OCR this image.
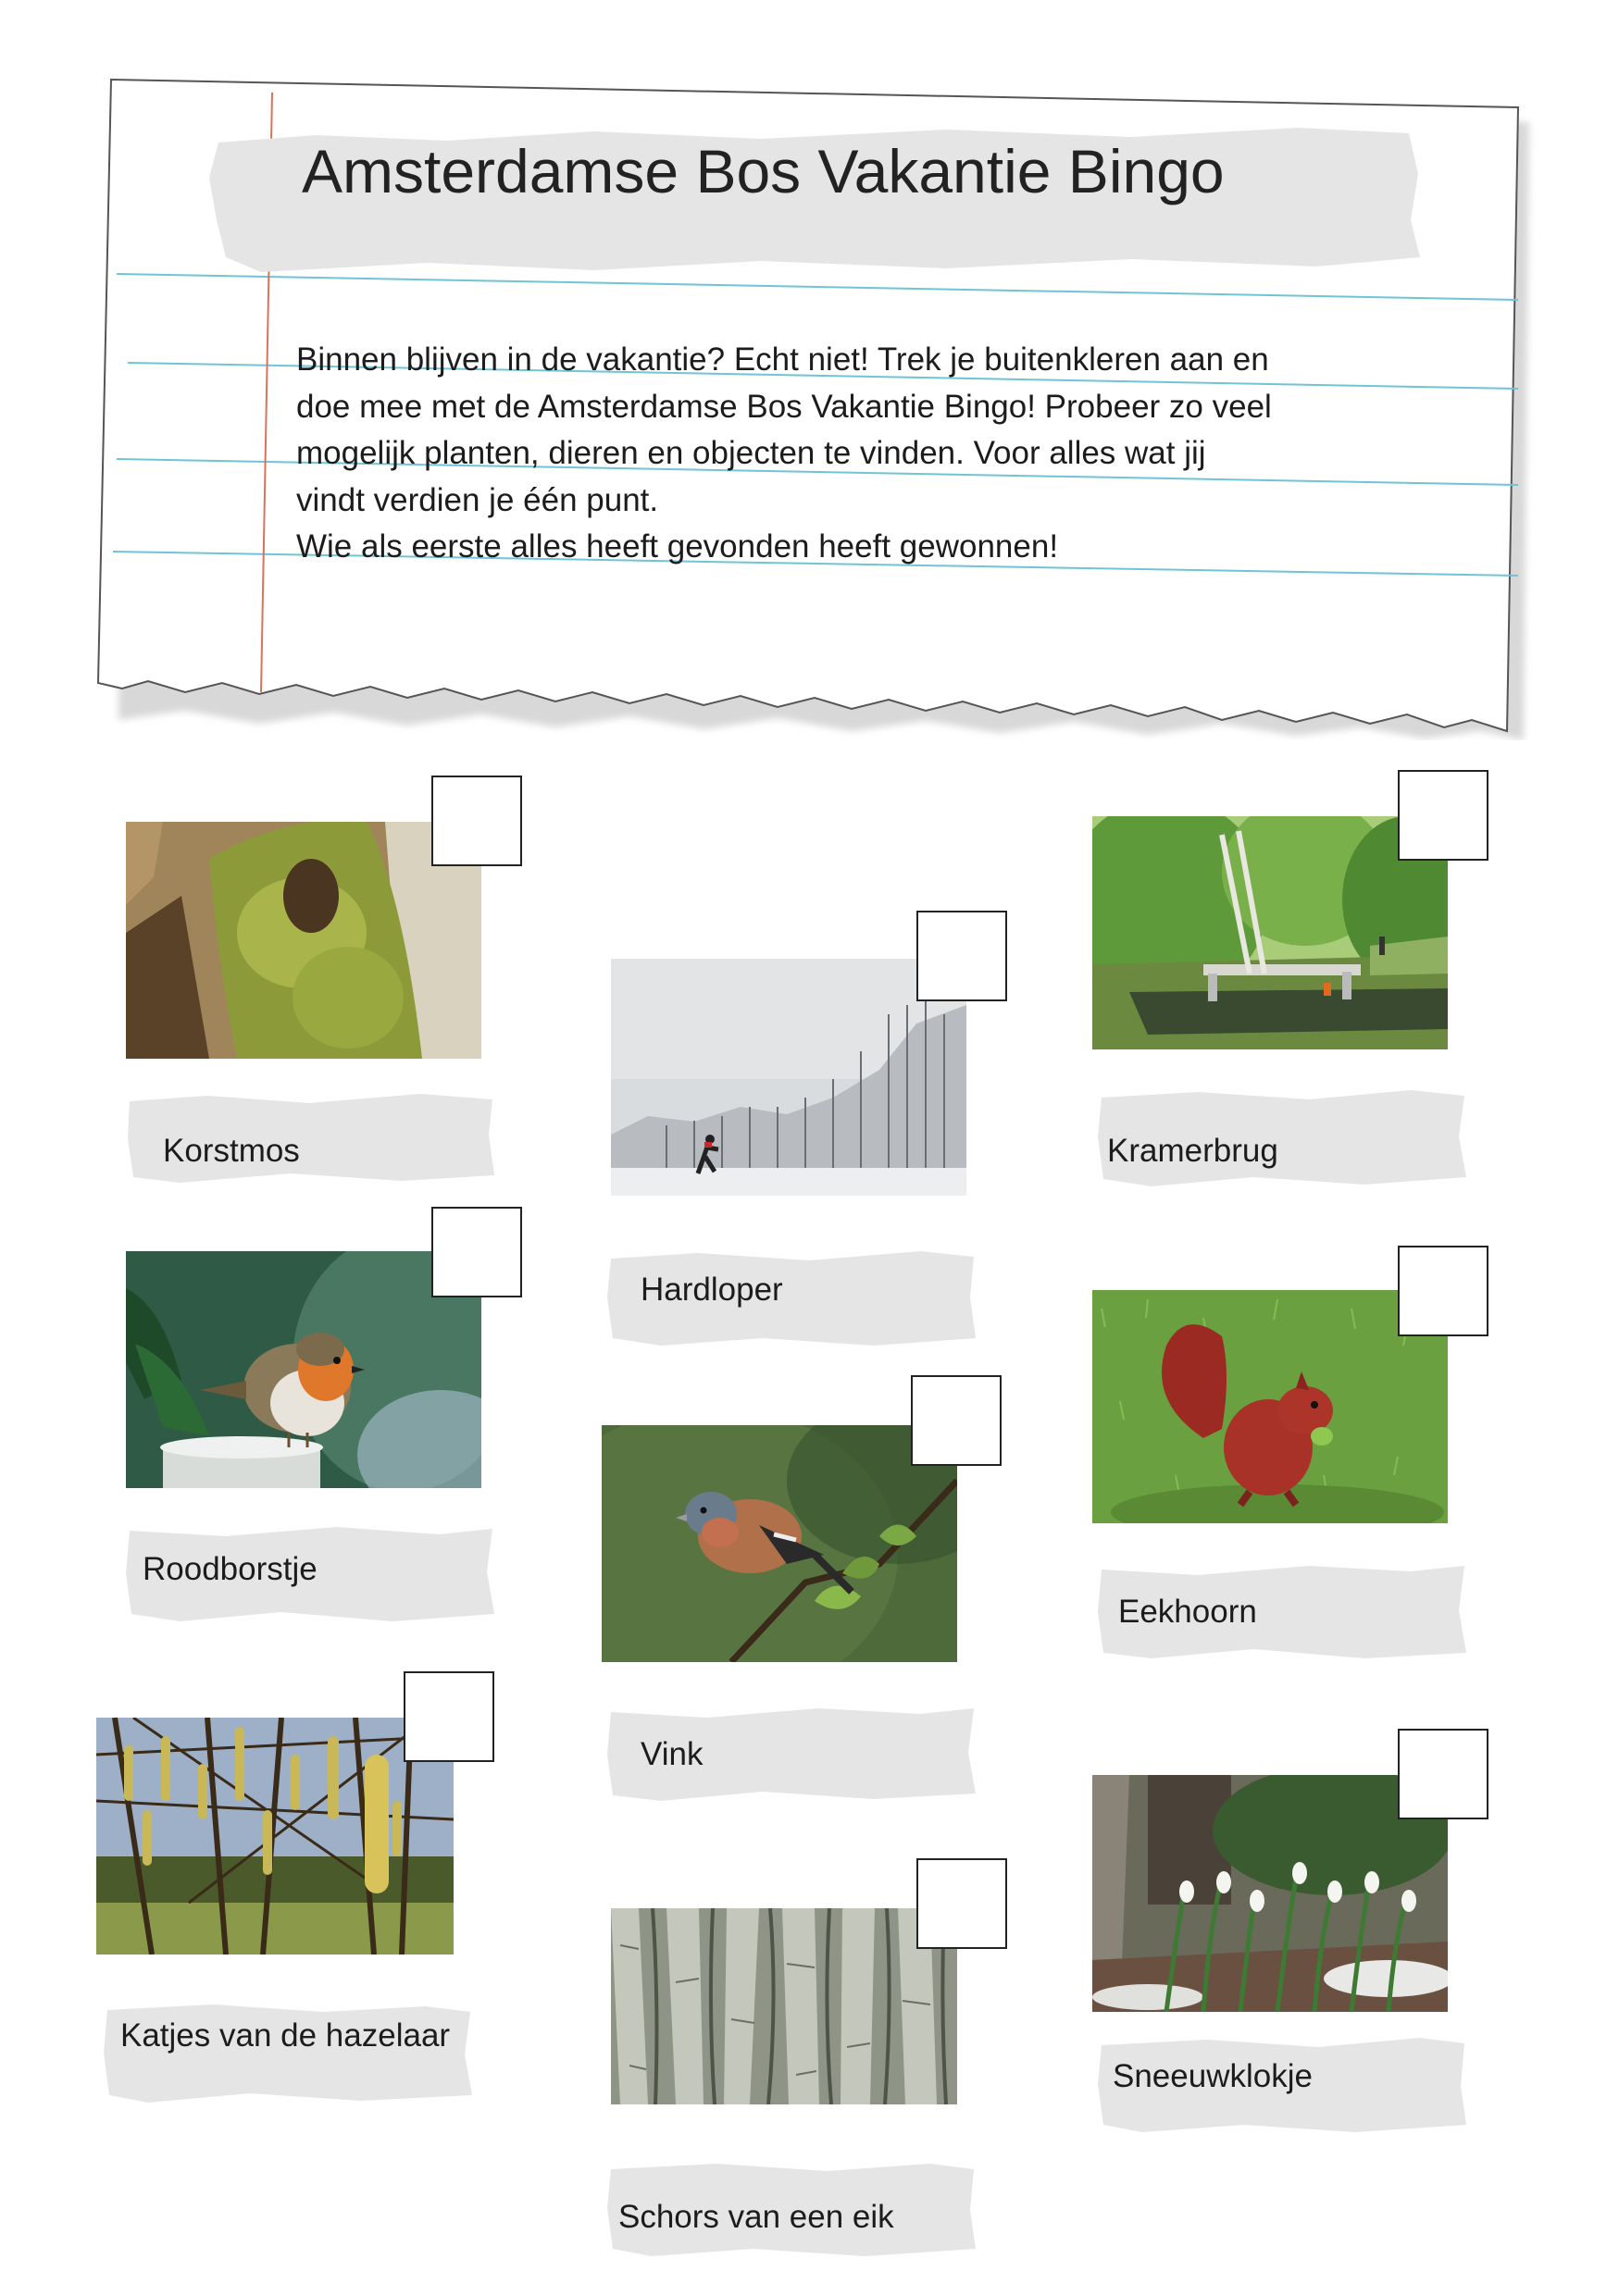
Amsterdamse Bos Vakantie Bingo

Binnen blijven in de vakantie? Echt niet! Trek je buitenkleren aan en

doe mee met de Amsterdamse Bos Vakantie Bingo! Probeer zo veel

mogelijk planten, dieren en objecten te vinden. Voor alles wat jij

vindt verdien je één punt.

Wie als eerste alles heeft gevonden heeft gewonnen!

Korstmos
Roodborstje
Katjes van de hazelaar
Hardloper
Vink
Schors van een eik
Kramerbrug
Eekhoorn
Sneeuwklokje
